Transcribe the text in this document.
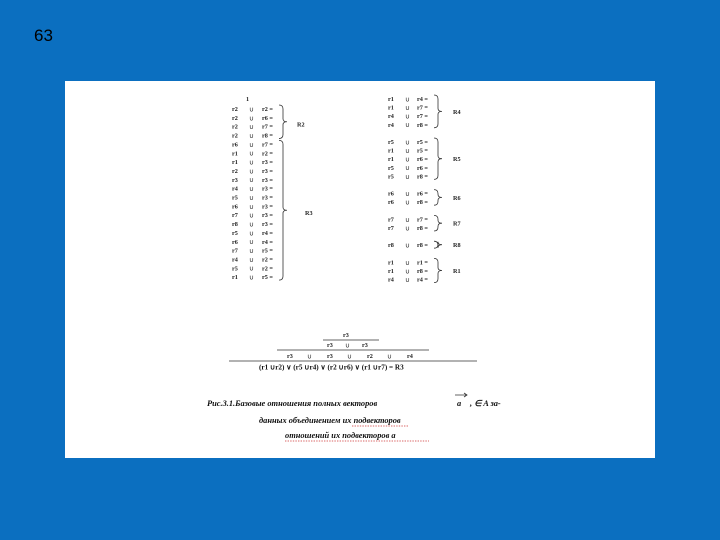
63
1
r2 ∪ r2 =
r2 ∪ r6 =
r2 ∪ r7 =
r2 ∪ r8 =
r6 ∪ r7 =
r1 ∪ r2 =
r1 ∪ r3 =
r2 ∪ r3 =
r3 ∪ r3 =
r4 ∪ r3 =
r5 ∪ r3 =
r6 ∪ r3 =
r7 ∪ r3 =
r8 ∪ r3 =
r5 ∪ r4 =
r6 ∪ r4 =
r7 ∪ r5 =
r4 ∪ r2 =
r5 ∪ r2 =
r1 ∪ r5 =
R2
R3
r1 ∪ r4 =
r1 ∪ r7 =
r4 ∪ r7 =
r4 ∪ r8 =
r5 ∪ r5 =
r1 ∪ r5 =
r1 ∪ r6 =
r5 ∪ r6 =
r5 ∪ r8 =
r6 ∪ r6 =
r6 ∪ r8 =
r7 ∪ r7 =
r7 ∪ r8 =
r8 ∪ r8 =
r1 ∪ r1 =
r1 ∪ r8 =
r4 ∪ r4 =
R4
R5
R6
R7
R8
R1
r3
r3 ∪ r3
r3 ∪ r3 ∪ r2 ∪ r4
(r1 ∪r2) ∨ (r5 ∪r4) ∨ (r2 ∪r6) ∨ (r1 ∪r7) = R3
Рис.3.1.Базовые отношения полных векторов	a , ∈ A за-
данных объединением их подвекторов
отношений их подвекторов a
